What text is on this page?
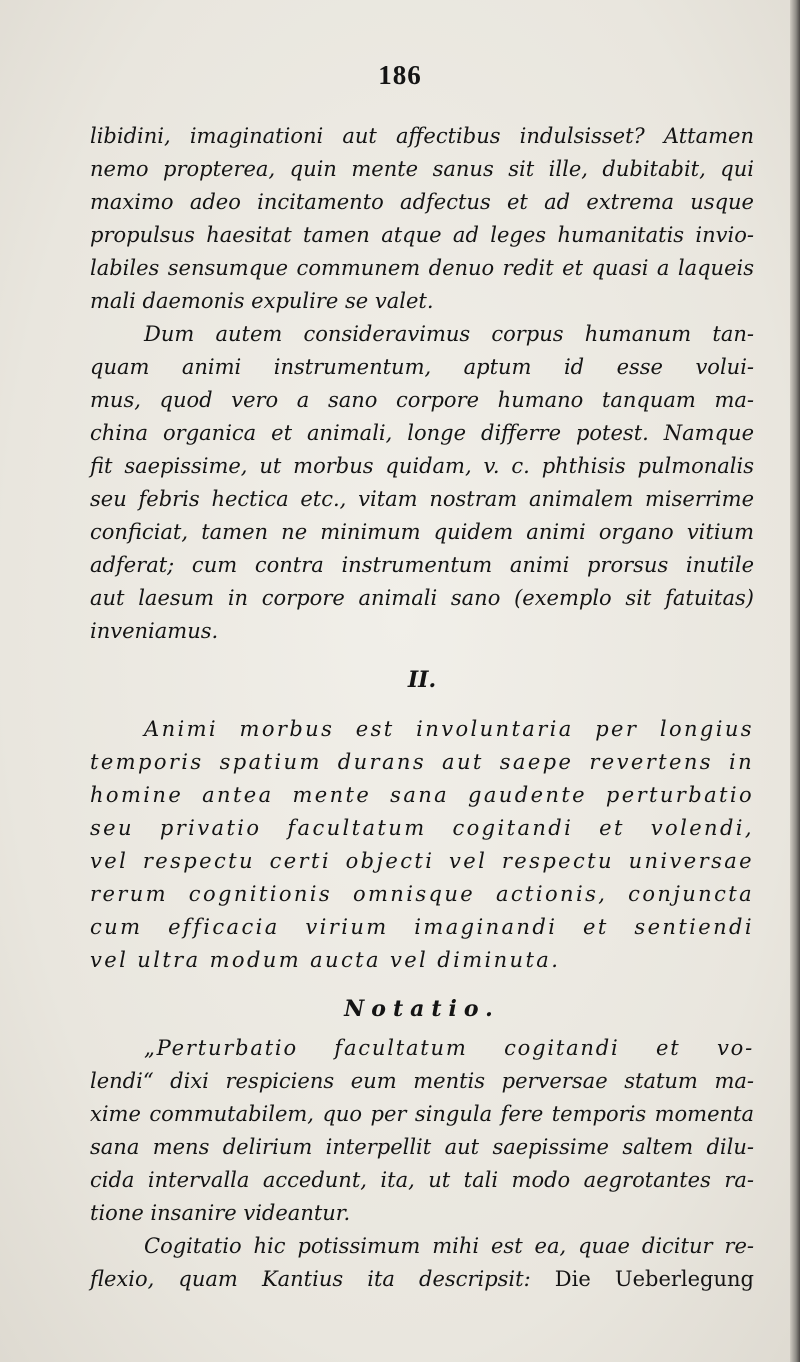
186
libidini, imaginationi aut affectibus indulsisset? Attamen
nemo propterea, quin mente sanus sit ille, dubitabit, qui
maximo adeo incitamento adfectus et ad extrema usque
propulsus haesitat tamen atque ad leges humanitatis invio-
labiles sensumque communem denuo redit et quasi a laqueis
mali daemonis expulire se valet.
Dum autem consideravimus corpus humanum tan-
quam animi instrumentum, aptum id esse volui-
mus, quod vero a sano corpore humano tanquam ma-
china organica et animali, longe differre potest. Namque
fit saepissime, ut morbus quidam, v. c. phthisis pulmonalis
seu febris hectica etc., vitam nostram animalem miserrime
conficiat, tamen ne minimum quidem animi organo vitium
adferat; cum contra instrumentum animi prorsus inutile
aut laesum in corpore animali sano (exemplo sit fatuitas)
inveniamus.
II.
Animi morbus est involuntaria per longius
temporis spatium durans aut saepe revertens in
homine antea mente sana gaudente perturbatio
seu privatio facultatum cogitandi et volendi,
vel respectu certi objecti vel respectu universae
rerum cognitionis omnisque actionis, conjuncta
cum efficacia virium imaginandi et sentiendi
vel ultra modum aucta vel diminuta.
Notatio.
„Perturbatio facultatum cogitandi et vo-
lendi“ dixi respiciens eum mentis perversae statum ma-
xime commutabilem, quo per singula fere temporis momenta
sana mens delirium interpellit aut saepissime saltem dilu-
cida intervalla accedunt, ita, ut tali modo aegrotantes ra-
tione insanire videantur.
Cogitatio hic potissimum mihi est ea, quae dicitur re-
flexio, quam Kantius ita descripsit: Die Ueberlegung
